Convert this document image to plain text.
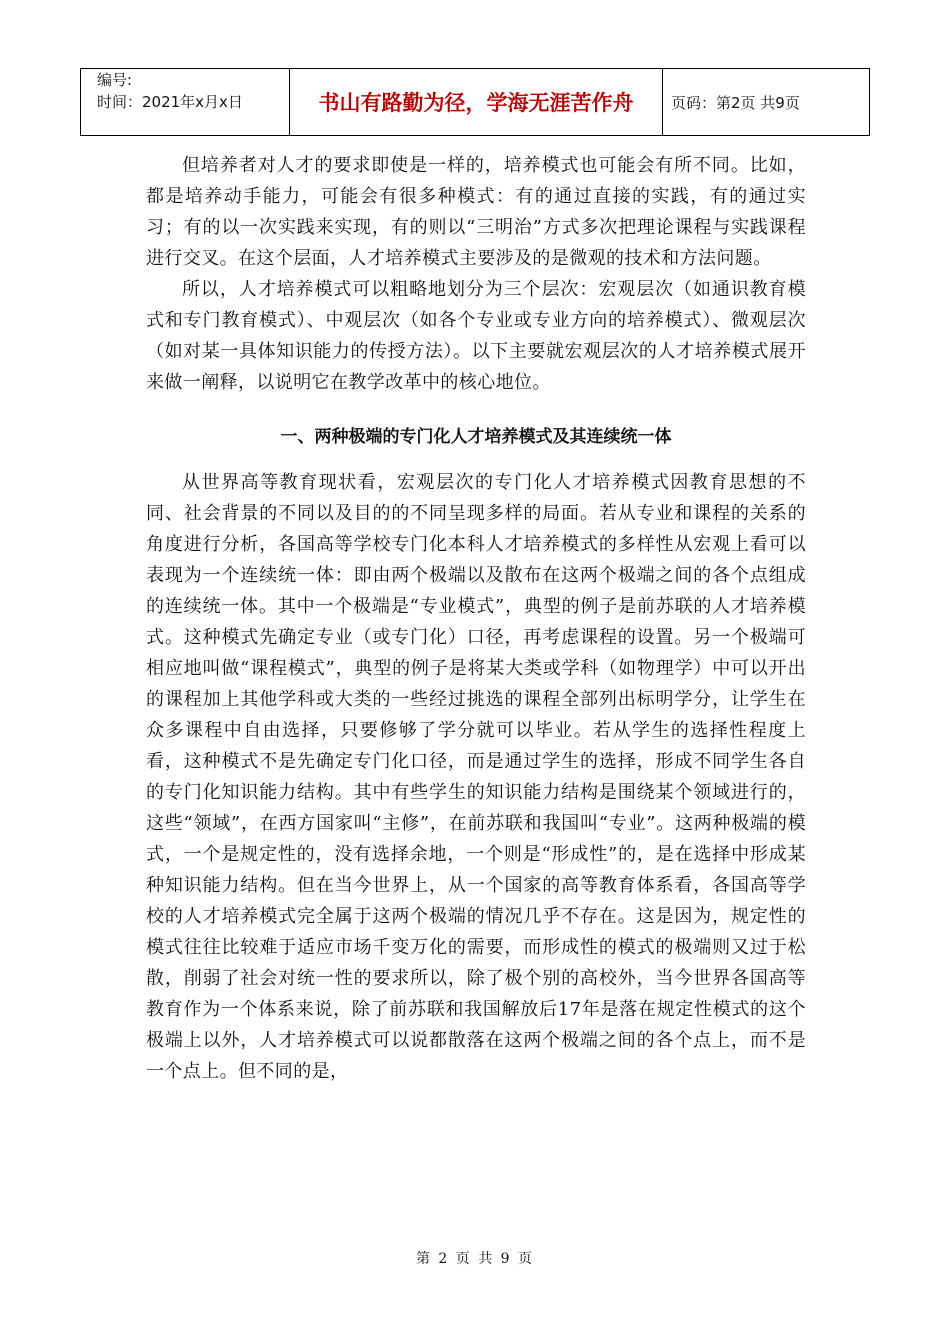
编号:
时间：2021年x月x日	书山有路勤为径，学海无涯苦作舟	页码：第2页 共9页

但培养者对人才的要求即使是一样的，培养模式也可能会有所不同。比如，都是培养动手能力，可能会有很多种模式：有的通过直接的实践，有的通过实习；有的以一次实践来实现，有的则以“三明治”方式多次把理论课程与实践课程进行交叉。在这个层面，人才培养模式主要涉及的是微观的技术和方法问题。

所以，人才培养模式可以粗略地划分为三个层次：宏观层次（如通识教育模式和专门教育模式）、中观层次（如各个专业或专业方向的培养模式）、微观层次（如对某一具体知识能力的传授方法）。以下主要就宏观层次的人才培养模式展开来做一阐释，以说明它在教学改革中的核心地位。

一、两种极端的专门化人才培养模式及其连续统一体

从世界高等教育现状看，宏观层次的专门化人才培养模式因教育思想的不同、社会背景的不同以及目的的不同呈现多样的局面。若从专业和课程的关系的角度进行分析，各国高等学校专门化本科人才培养模式的多样性从宏观上看可以表现为一个连续统一体：即由两个极端以及散布在这两个极端之间的各个点组成的连续统一体。其中一个极端是“专业模式”，典型的例子是前苏联的人才培养模式。这种模式先确定专业（或专门化）口径，再考虑课程的设置。另一个极端可相应地叫做“课程模式”，典型的例子是将某大类或学科（如物理学）中可以开出的课程加上其他学科或大类的一些经过挑选的课程全部列出标明学分，让学生在众多课程中自由选择，只要修够了学分就可以毕业。若从学生的选择性程度上看，这种模式不是先确定专门化口径，而是通过学生的选择，形成不同学生各自的专门化知识能力结构。其中有些学生的知识能力结构是围绕某个领域进行的，这些“领域”，在西方国家叫“主修”，在前苏联和我国叫“专业”。这两种极端的模式，一个是规定性的，没有选择余地，一个则是“形成性”的，是在选择中形成某种知识能力结构。但在当今世界上，从一个国家的高等教育体系看，各国高等学校的人才培养模式完全属于这两个极端的情况几乎不存在。这是因为，规定性的模式往往比较难于适应市场千变万化的需要，而形成性的模式的极端则又过于松散，削弱了社会对统一性的要求所以，除了极个别的高校外，当今世界各国高等教育作为一个体系来说，除了前苏联和我国解放后17年是落在规定性模式的这个极端上以外，人才培养模式可以说都散落在这两个极端之间的各个点上，而不是一个点上。但不同的是，

第 2 页 共 9 页
